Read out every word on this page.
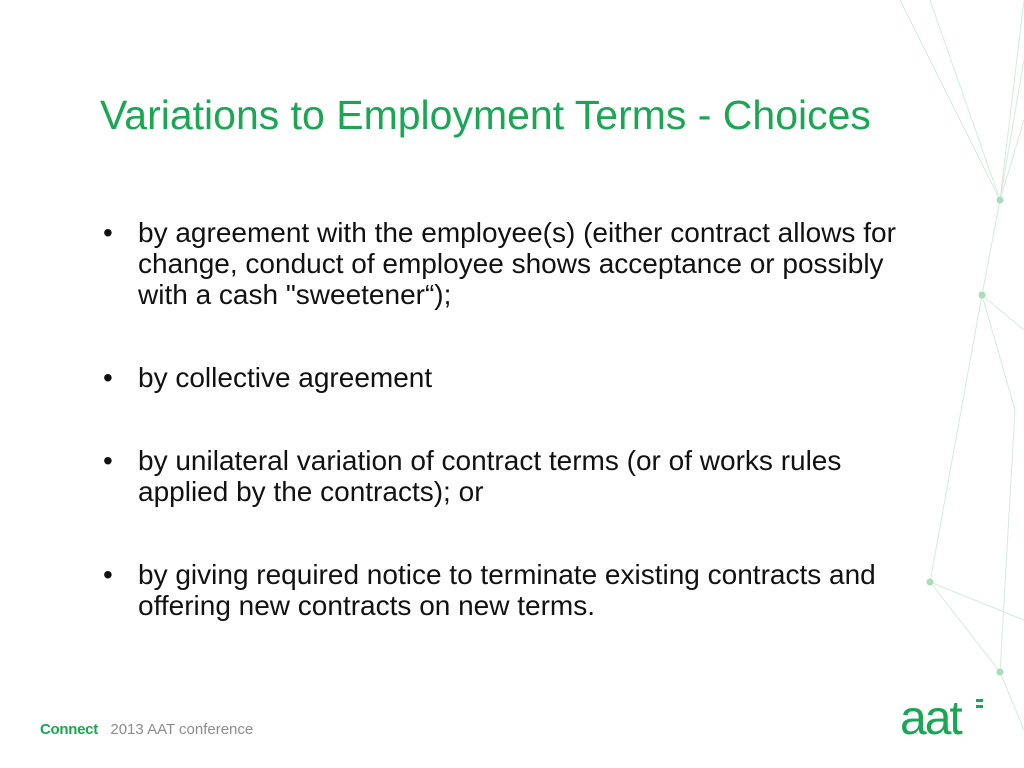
Variations to Employment Terms - Choices
• by agreement with the employee(s) (either contract allows for change, conduct of employee shows acceptance or possibly with a cash "sweetener“);
• by collective agreement
• by unilateral variation of contract terms (or of works rules applied by the contracts); or
• by giving required notice to terminate existing contracts and offering new contracts on new terms.
Connect 2013 AAT conference	aat
